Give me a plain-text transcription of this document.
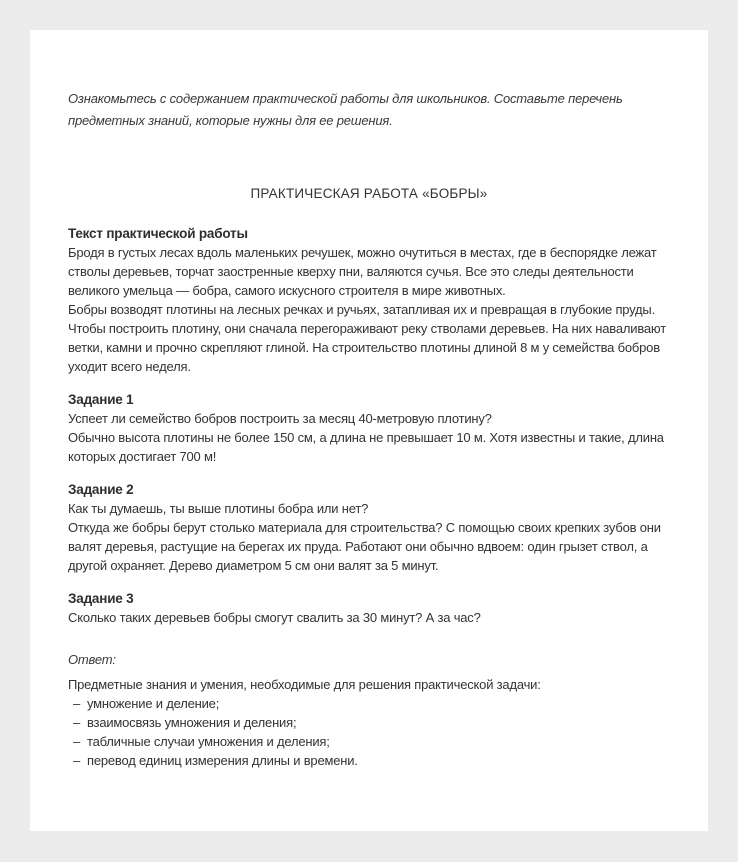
Ознакомьтесь с содержанием практической работы для школьников. Составьте перечень предметных знаний, которые нужны для ее решения.

ПРАКТИЧЕСКАЯ РАБОТА «БОБРЫ»
Текст практической работы

Бродя в густых лесах вдоль маленьких речушек, можно очутиться в местах, где в беспорядке лежат стволы деревьев, торчат заостренные кверху пни, валяются сучья. Все это следы деятельности великого умельца — бобра, самого искусного строителя в мире животных.

Бобры возводят плотины на лесных речках и ручьях, затапливая их и превращая в глубокие пруды.

Чтобы построить плотину, они сначала перегораживают реку стволами деревьев. На них наваливают ветки, камни и прочно скрепляют глиной. На строительство плотины длиной 8 м у семейства бобров уходит всего неделя.

Задание 1

Успеет ли семейство бобров построить за месяц 40-метровую плотину?

Обычно высота плотины не более 150 см, а длина не превышает 10 м. Хотя известны и такие, длина которых достигает 700 м!

Задание 2

Как ты думаешь, ты выше плотины бобра или нет?

Откуда же бобры берут столько материала для строительства? С помощью своих крепких зубов они валят деревья, растущие на берегах их пруда. Работают они обычно вдвоем: один грызет ствол, а другой охраняет. Дерево диаметром 5 см они валят за 5 минут.

Задание 3

Сколько таких деревьев бобры смогут свалить за 30 минут? А за час?

Ответ:

Предметные знания и умения, необходимые для решения практической задачи:

– умножение и деление;
– взаимосвязь умножения и деления;
– табличные случаи умножения и деления;
– перевод единиц измерения длины и времени.
